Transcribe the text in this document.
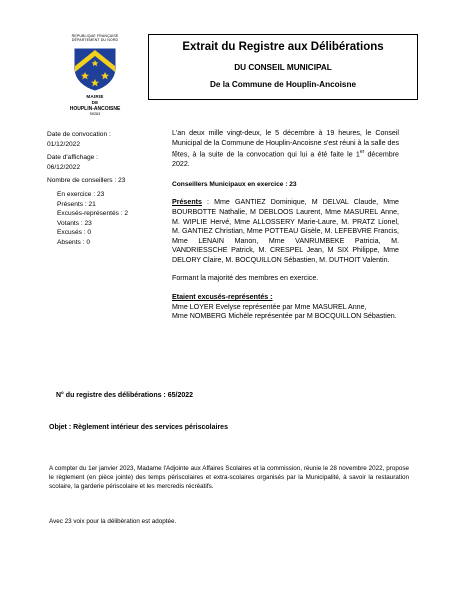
REPUBLIQUE FRANÇAISE
DÉPARTEMENT DU NORD
MAIRIE
DE
HOUPLIN-ANCOISNE
59263
Extrait du Registre aux Délibérations
DU CONSEIL MUNICIPAL
De la Commune de Houplin-Ancoisne
Date de convocation :
01/12/2022
Date d'affichage :
06/12/2022
Nombre de conseillers : 23
En exercice : 23
Présents : 21
Excusés-représentés : 2
Votants : 23
Excusés : 0
Absents : 0

L'an deux mille vingt-deux, le 5 décembre à 19 heures, le Conseil Municipal de la Commune de Houplin-Ancoisne s'est réuni à la salle des fêtes, à la suite de la convocation qui lui a été faite le 1er décembre 2022.

Conseillers Municipaux en exercice : 23

Présents : Mme GANTIEZ Dominique, M DELVAL Claude, Mme BOURBOTTE Nathalie, M DEBLOOS Laurent, Mme MASUREL Anne, M. WIPLIE Hervé, Mme ALLOSSERY Marie-Laure, M. PRATZ Lionel, M. GANTIEZ Christian, Mme POTTEAU Gisèle, M. LEFEBVRE Francis, Mme LENAIN Manon, Mme VANRUMBEKE Patricia, M. VANDRIESSCHE Patrick, M. CRESPEL Jean, M SIX Philippe, Mme DELORY Claire, M. BOCQUILLON Sébastien, M. DUTHOIT Valentin.

Formant la majorité des membres en exercice.

Etaient excusés-représentés :

Mme LOYER Evelyse représentée par Mme MASUREL Anne,

Mme NOMBERG Michèle représentée par M BOCQUILLON Sébastien.

N° du registre des délibérations : 65/2022
Objet : Règlement intérieur des services périscolaires
A compter du 1er janvier 2023, Madame l'Adjointe aux Affaires Scolaires et la commission, réunie le 28 novembre 2022, propose le règlement (en pièce jointe) des temps périscolaires et extra-scolaires organisés par la Municipalité, à savoir la restauration scolaire, la garderie périscolaire et les mercredis récréatifs.
Avec 23 voix pour la délibération est adoptée.
